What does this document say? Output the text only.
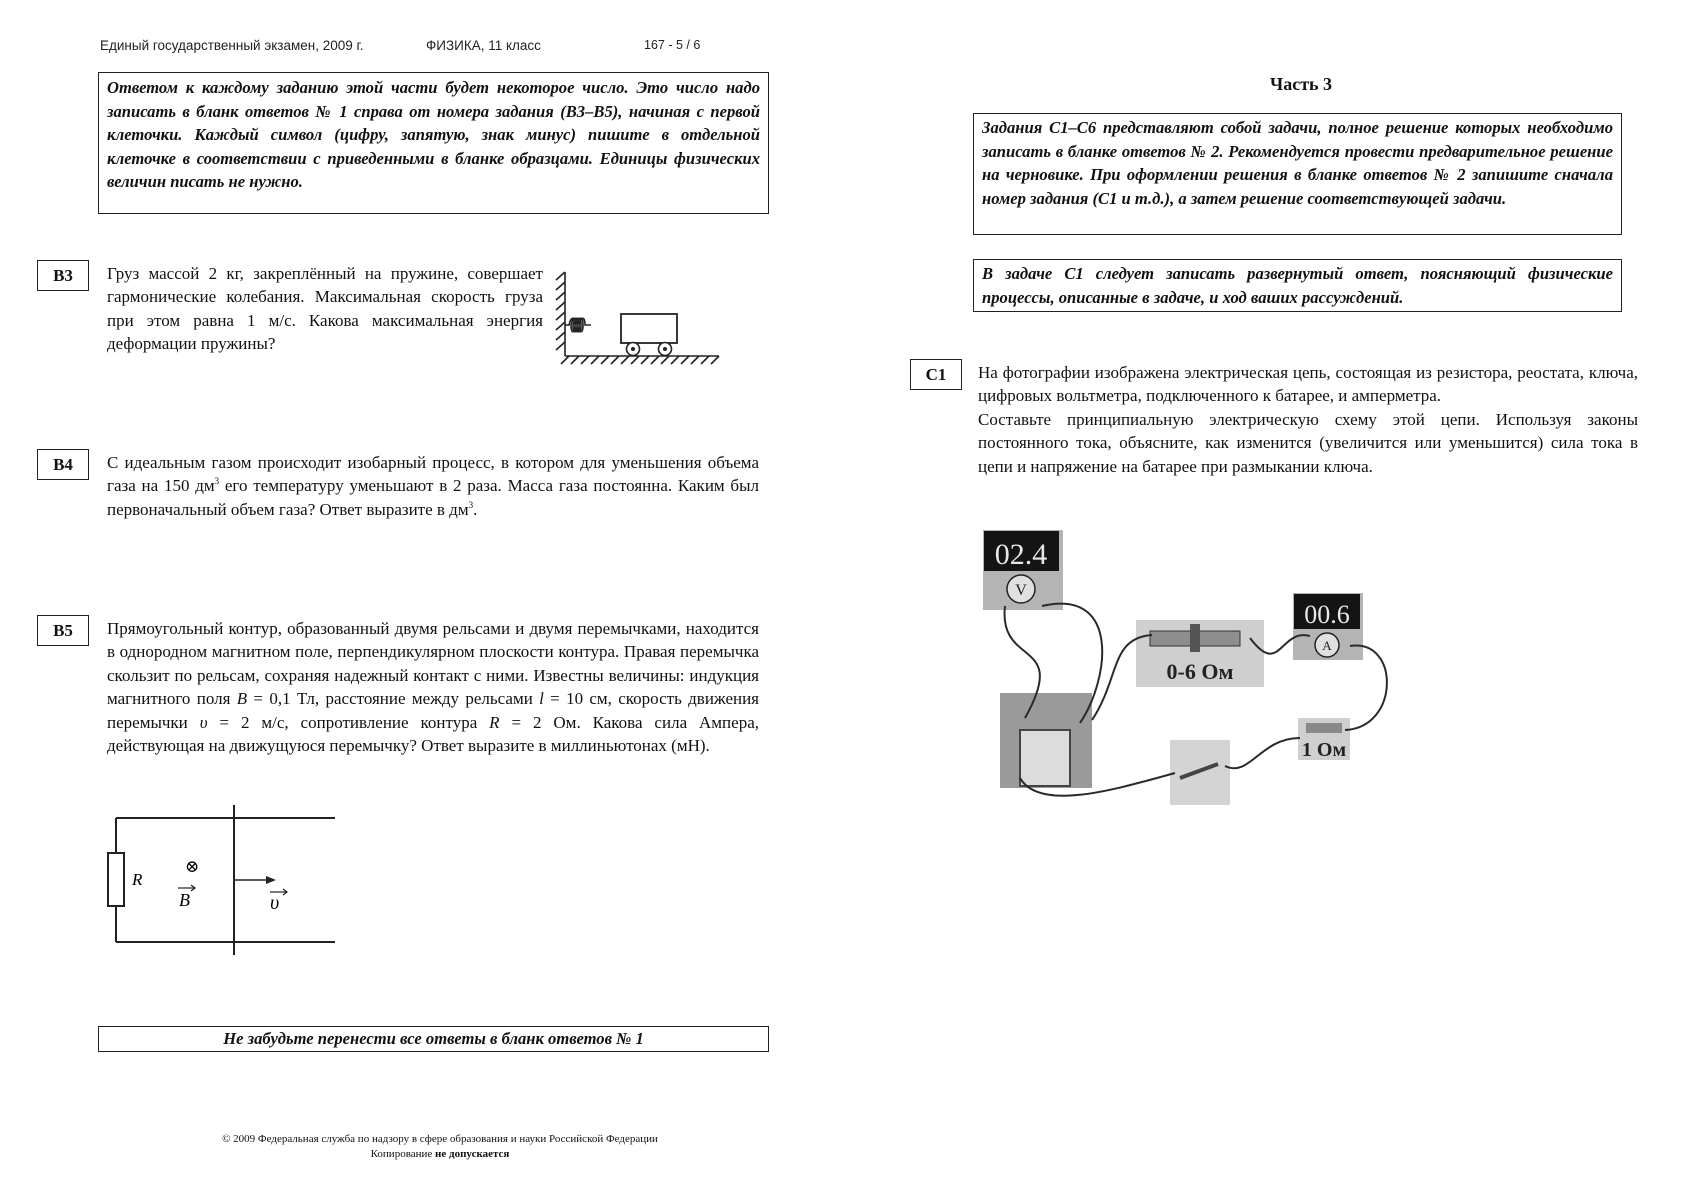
Единый государственный экзамен, 2009 г.	ФИЗИКА, 11 класс	167 - 5 / 6
Ответом к каждому заданию этой части будет некоторое число. Это число надо записать в бланк ответов № 1 справа от номера задания (В3–В5), начиная с первой клеточки. Каждый символ (цифру, запятую, знак минус) пишите в отдельной клеточке в соответствии с приведенными в бланке образцами. Единицы физических величин писать не нужно.
В3	Груз массой 2 кг, закреплённый на пружине, совершает гармонические колебания. Максимальная скорость груза при этом равна 1 м/с. Какова максимальная энергия деформации пружины?
В4	С идеальным газом происходит изобарный процесс, в котором для уменьшения объема газа на 150 $дм^3$ его температуру уменьшают в 2 раза. Масса газа постоянна. Каким был первоначальный объем газа? Ответ выразите в $дм^3$.
В5	Прямоугольный контур, образованный двумя рельсами и двумя перемычками, находится в однородном магнитном поле, перпендикулярном плоскости контура. Правая перемычка скользит по рельсам, сохраняя надежный контакт с ними. Известны величины: индукция магнитного поля B = 0,1 Тл, расстояние между рельсами l = 10 см, скорость движения перемычки υ = 2 м/с, сопротивление контура R = 2 Ом. Какова сила Ампера, действующая на движущуюся перемычку? Ответ выразите в миллиньютонах (мН).
R
⊗
B	υ
Не забудьте перенести все ответы в бланк ответов № 1
© 2009 Федеральная служба по надзору в сфере образования и науки Российской Федерации
Копирование не допускается
Часть 3
Задания С1–С6 представляют собой задачи, полное решение которых необходимо записать в бланке ответов № 2. Рекомендуется провести предварительное решение на черновике. При оформлении решения в бланке ответов № 2 запишите сначала номер задания (С1 и т.д.), а затем решение соответствующей задачи.
В задаче С1 следует записать развернутый ответ, поясняющий физические процессы, описанные в задаче, и ход ваших рассуждений.
С1	На фотографии изображена электрическая цепь, состоящая из резистора, реостата, ключа, цифровых вольтметра, подключенного к батарее, и амперметра.

Составьте принципиальную электрическую схему этой цепи. Используя законы постоянного тока, объясните, как изменится (увеличится или уменьшится) сила тока в цепи и напряжение на батарее при размыкании ключа.

02.4
V
00.6
A
0-6 Ом
1 Ом
